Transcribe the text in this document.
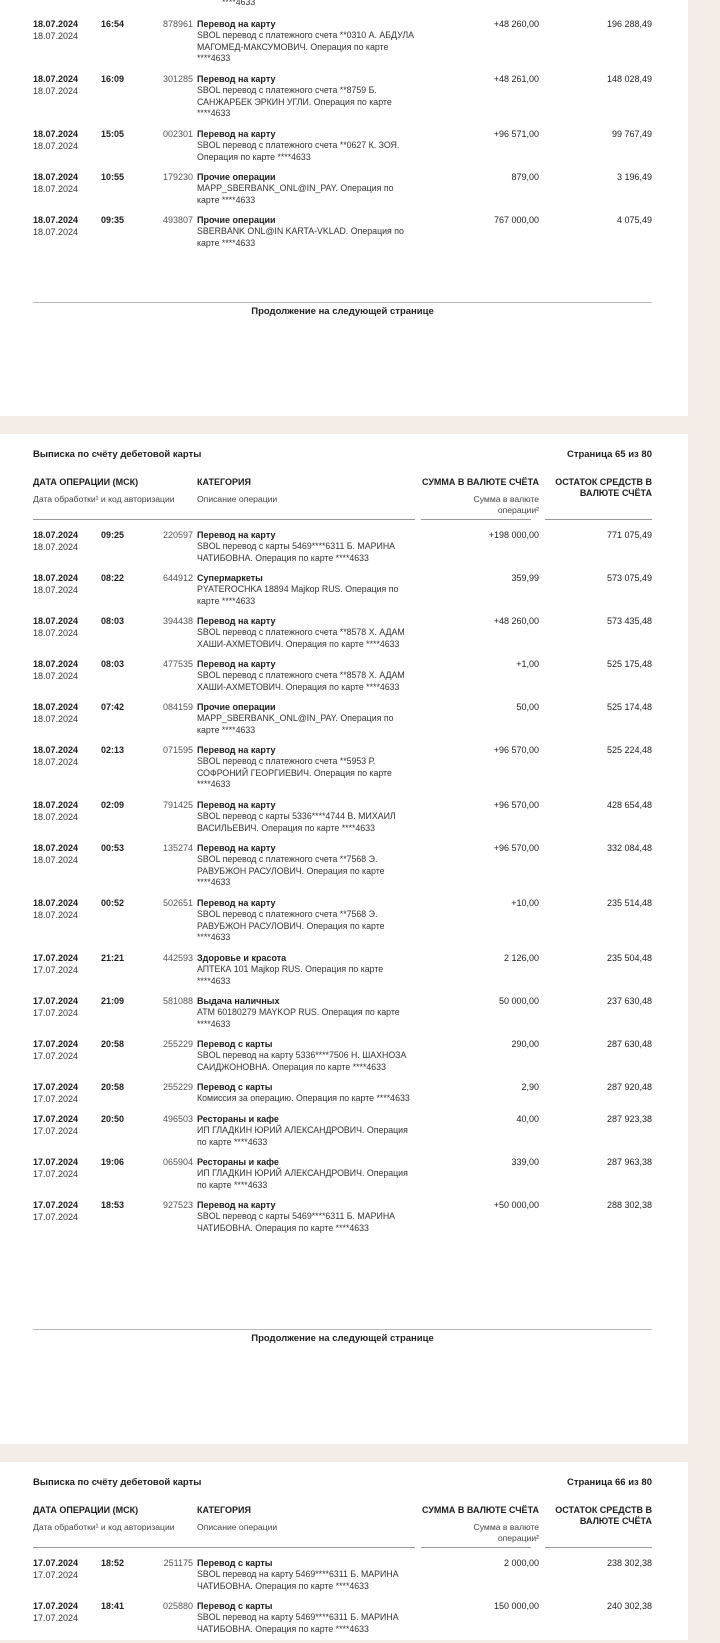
****4633
18.07.2024
18.07.2024
16:54	878961 Перевод на карту
SBOL перевод с платежного счета **0310 А. АБДУЛА МАГОМЕД-МАКСУМОВИЧ. Операция по карте ****4633
+48 260,00	196 288,49
18.07.2024
18.07.2024
16:09	301285 Перевод на карту
SBOL перевод с платежного счета **8759 Б. САНЖАРБЕК ЭРКИН УГЛИ. Операция по карте ****4633
+48 261,00	148 028,49
18.07.2024
18.07.2024
15:05	002301 Перевод на карту
SBOL перевод с платежного счета **0627 К. ЗОЯ. Операция по карте ****4633
+96 571,00	99 767,49
18.07.2024
18.07.2024
10:55	179230 Прочие операции
MAPP_SBERBANK_ONL@IN_PAY. Операция по карте ****4633
879,00	3 196,49
18.07.2024
18.07.2024
09:35	493807 Прочие операции
SBERBANK ONL@IN KARTA-VKLAD. Операция по карте ****4633
767 000,00	4 075,49
Продолжение на следующей странице
Выписка по счёту дебетовой карты	Страница 65 из 80
ДАТА ОПЕРАЦИИ (МСК)
Дата обработки¹ и код авторизации
КАТЕГОРИЯ
Описание операции
СУММА В ВАЛЮТЕ СЧЁТА
Сумма в валюте операции²
ОСТАТОК СРЕДСТВ В ВАЛЮТЕ СЧЁТА
18.07.2024
18.07.2024
09:25	220597 Перевод на карту
SBOL перевод с карты 5469****6311 Б. МАРИНА ЧАТИБОВНА. Операция по карте ****4633
+198 000,00	771 075,49
18.07.2024
18.07.2024
08:22	644912 Супермаркеты
PYATEROCHKA 18894 Majkop RUS. Операция по карте ****4633
359,99	573 075,49
18.07.2024
18.07.2024
08:03	394438 Перевод на карту
SBOL перевод с платежного счета **8578 Х. АДАМ ХАШИ-АХМЕТОВИЧ. Операция по карте ****4633
+48 260,00	573 435,48
18.07.2024
18.07.2024
08:03	477535 Перевод на карту
SBOL перевод с платежного счета **8578 Х. АДАМ ХАШИ-АХМЕТОВИЧ. Операция по карте ****4633
+1,00	525 175,48
18.07.2024
18.07.2024
07:42	084159 Прочие операции
MAPP_SBERBANK_ONL@IN_PAY. Операция по карте ****4633
50,00	525 174,48
18.07.2024
18.07.2024
02:13	071595 Перевод на карту
SBOL перевод с платежного счета **5953 Р. СОФРОНИЙ ГЕОРГИЕВИЧ. Операция по карте ****4633
+96 570,00	525 224,48
18.07.2024
18.07.2024
02:09	791425 Перевод на карту
SBOL перевод с карты 5336****4744 В. МИХАИЛ ВАСИЛЬЕВИЧ. Операция по карте ****4633
+96 570,00	428 654,48
18.07.2024
18.07.2024
00:53	135274 Перевод на карту
SBOL перевод с платежного счета **7568 Э. РАВУБЖОН РАСУЛОВИЧ. Операция по карте ****4633
+96 570,00	332 084,48
18.07.2024
18.07.2024
00:52	502651 Перевод на карту
SBOL перевод с платежного счета **7568 Э. РАВУБЖОН РАСУЛОВИЧ. Операция по карте ****4633
+10,00	235 514,48
17.07.2024
17.07.2024
21:21	442593 Здоровье и красота
АПТЕКА 101 Majkop RUS. Операция по карте ****4633
2 126,00	235 504,48
17.07.2024
17.07.2024
21:09	581088 Выдача наличных
ATM 60180279 MAYKOP RUS. Операция по карте ****4633
50 000,00	237 630,48
17.07.2024
17.07.2024
20:58	255229 Перевод с карты
SBOL перевод на карту 5336****7506 Н. ШАХНОЗА САИДЖОНОВНА. Операция по карте ****4633
290,00	287 630,48
17.07.2024
17.07.2024
20:58	255229 Перевод с карты
Комиссия за операцию. Операция по карте ****4633
2,90	287 920,48
17.07.2024
17.07.2024
20:50	496503 Рестораны и кафе
ИП ГЛАДКИН ЮРИЙ АЛЕКСАНДРОВИЧ. Операция по карте ****4633
40,00	287 923,38
17.07.2024
17.07.2024
19:06	065904 Рестораны и кафе
ИП ГЛАДКИН ЮРИЙ АЛЕКСАНДРОВИЧ. Операция по карте ****4633
339,00	287 963,38
17.07.2024
17.07.2024
18:53	927523 Перевод на карту
SBOL перевод с карты 5469****6311 Б. МАРИНА ЧАТИБОВНА. Операция по карте ****4633
+50 000,00	288 302,38
Продолжение на следующей странице
Выписка по счёту дебетовой карты	Страница 66 из 80
ДАТА ОПЕРАЦИИ (МСК)
Дата обработки¹ и код авторизации
КАТЕГОРИЯ
Описание операции
СУММА В ВАЛЮТЕ СЧЁТА
Сумма в валюте операции²
ОСТАТОК СРЕДСТВ В ВАЛЮТЕ СЧЁТА
17.07.2024
17.07.2024
18:52	251175 Перевод с карты
SBOL перевод на карту 5469****6311 Б. МАРИНА ЧАТИБОВНА. Операция по карте ****4633
2 000,00	238 302,38
17.07.2024
17.07.2024
18:41	025880 Перевод с карты
SBOL перевод на карту 5469****6311 Б. МАРИНА ЧАТИБОВНА. Операция по карте ****4633
150 000,00	240 302,38
